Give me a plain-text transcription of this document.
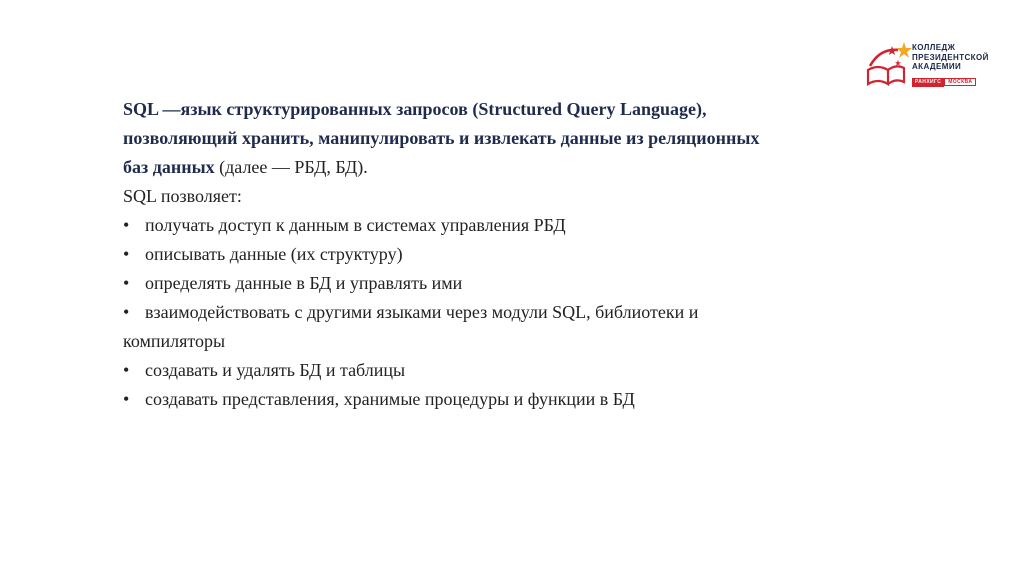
КОЛЛЕДЖ
ПРЕЗИДЕНТСКОЙ
АКАДЕМИИ
РАНХИГС	МОСКВА

SQL —язык структурированных запросов (Structured Query Language),

позволяющий хранить, манипулировать и извлекать данные из реляционных

баз данных (далее — РБД, БД).

SQL позволяет:

• получать доступ к данным в системах управления РБД

• описывать данные (их структуру)

• определять данные в БД и управлять ими

• взаимодействовать с другими языками через модули SQL, библиотеки и

компиляторы

• создавать и удалять БД и таблицы

• создавать представления, хранимые процедуры и функции в БД
